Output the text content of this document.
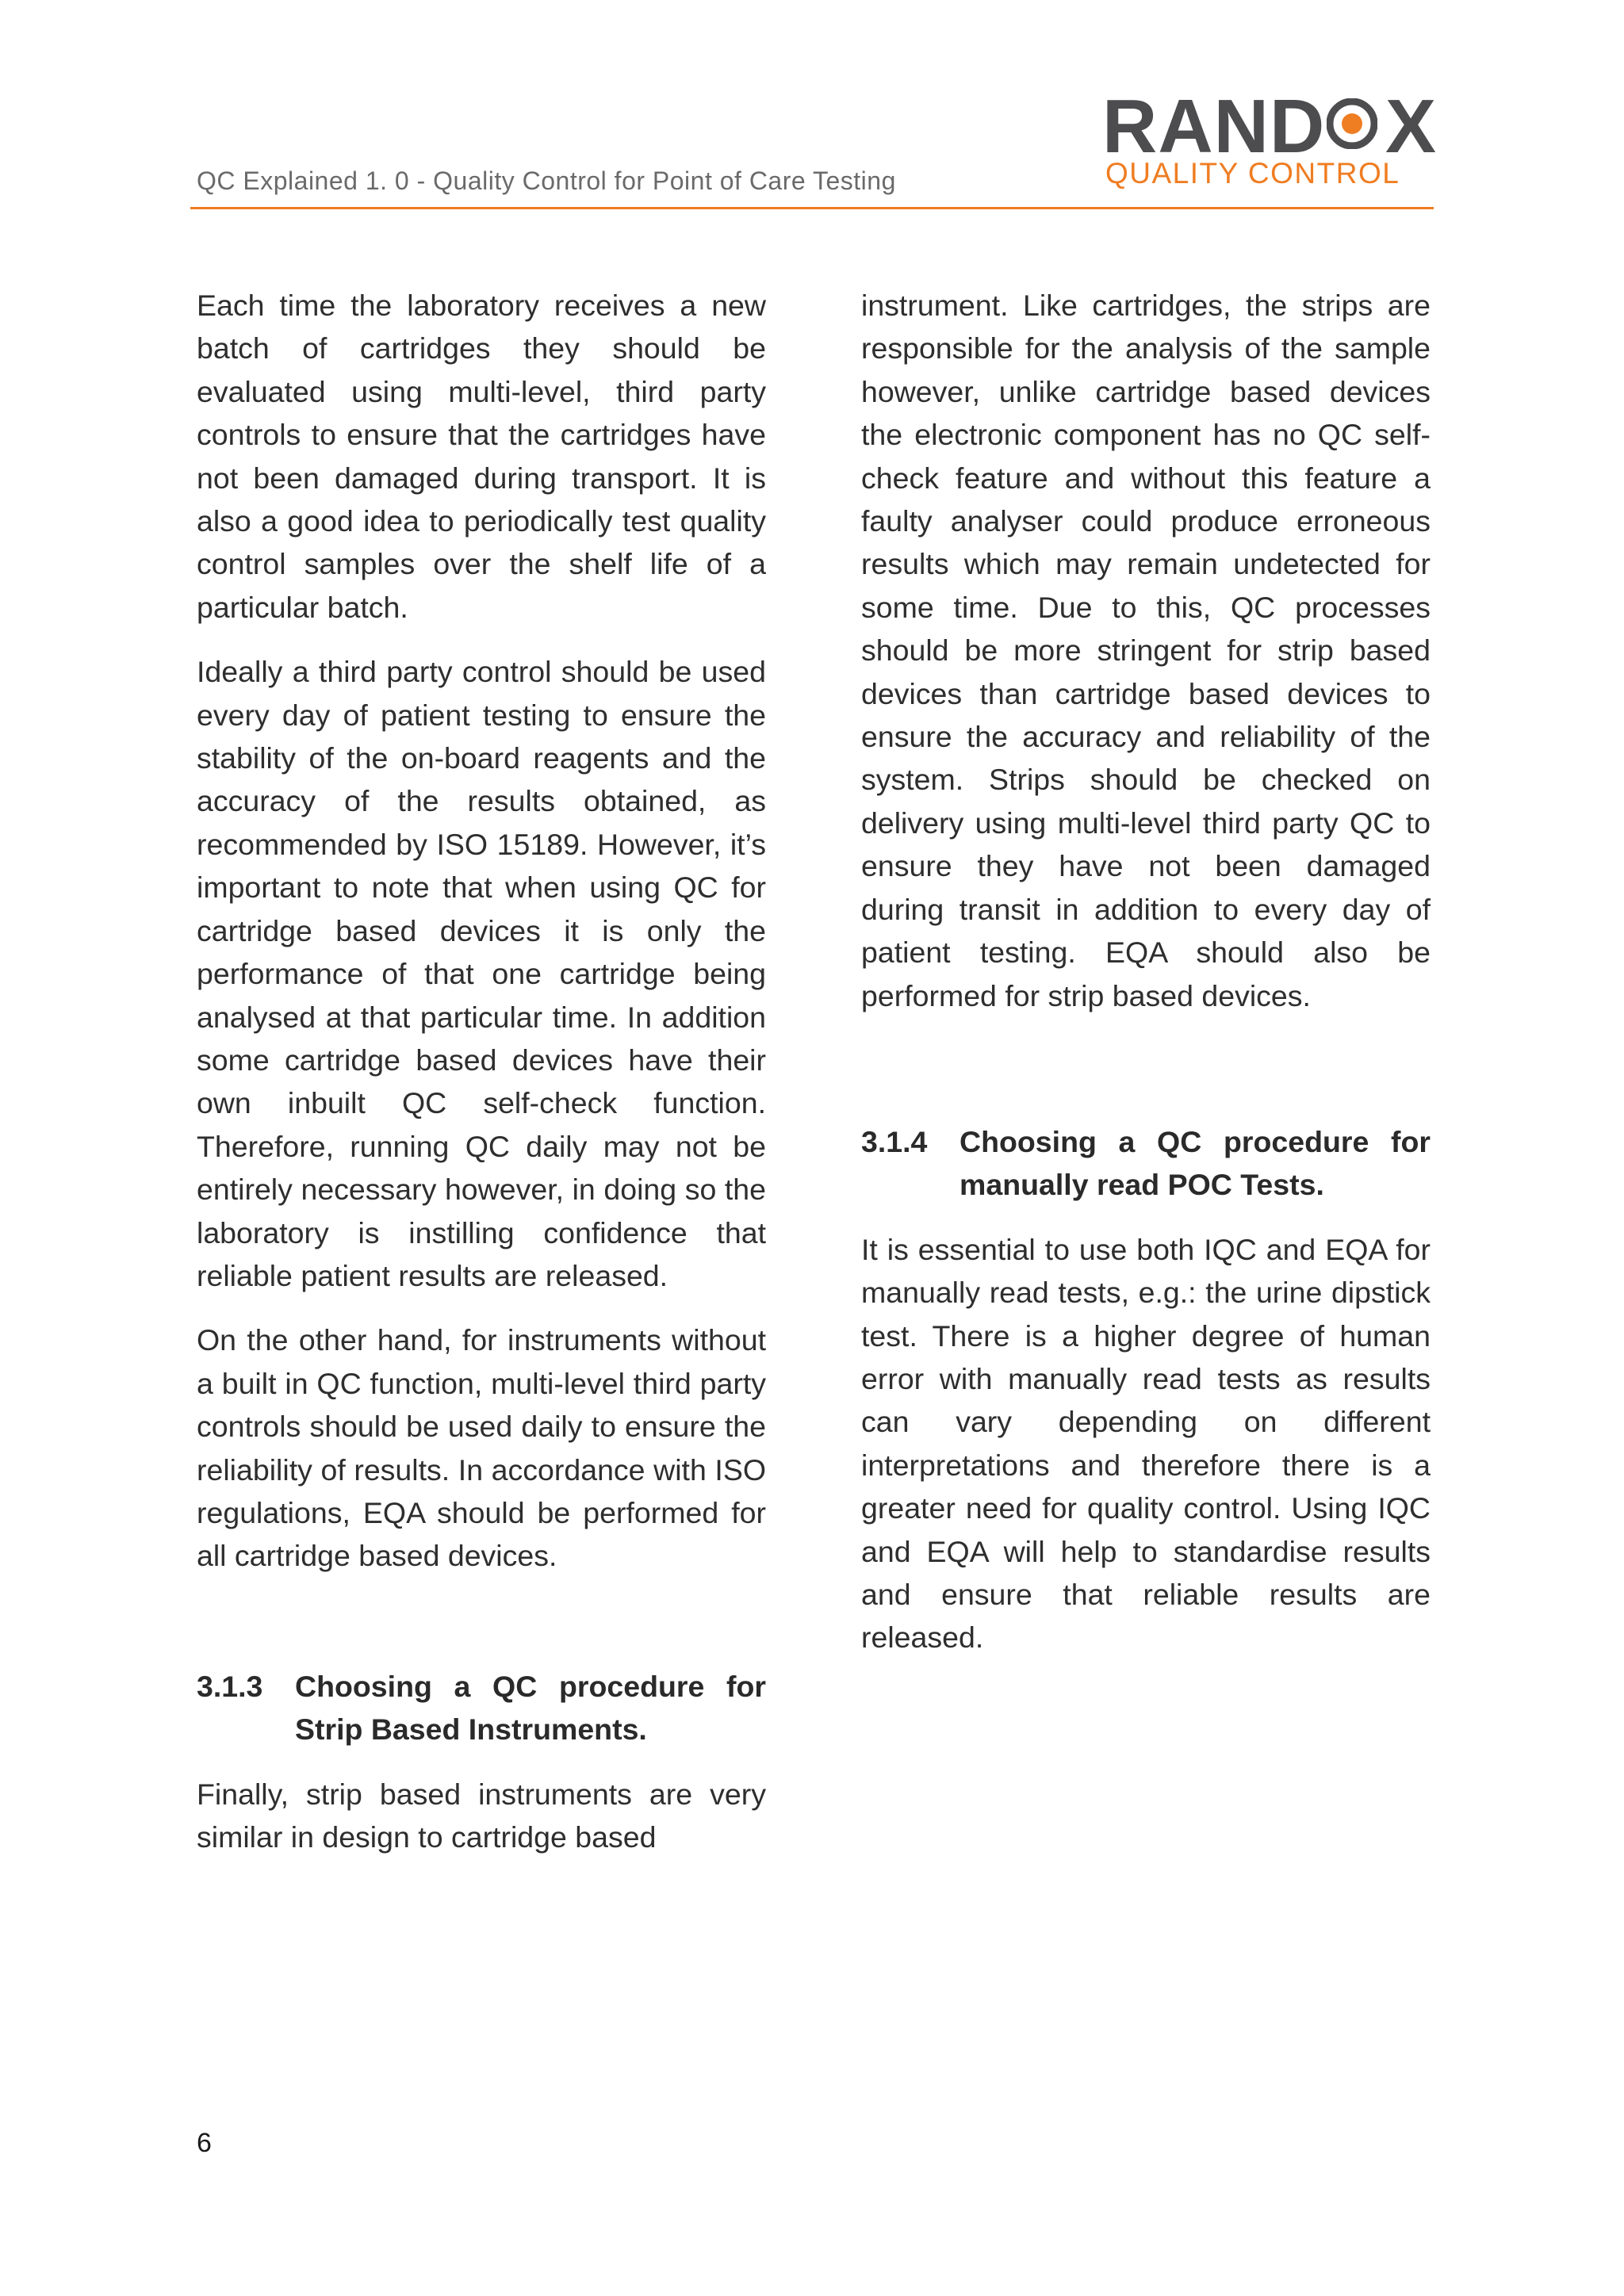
QC Explained 1. 0 - Quality Control for Point of Care Testing
RAND X
QUALITY CONTROL

Each time the laboratory receives a new batch of cartridges they should be evaluated using multi-level, third party controls to ensure that the cartridges have not been damaged during transport. It is also a good idea to periodically test quality control samples over the shelf life of a particular batch.

Ideally a third party control should be used every day of patient testing to ensure the stability of the on-board reagents and the accuracy of the results obtained, as recommended by ISO 15189. However, it’s important to note that when using QC for cartridge based devices it is only the performance of that one cartridge being analysed at that particular time. In addition some cartridge based devices have their own inbuilt QC self-check function. Therefore, running QC daily may not be entirely necessary however, in doing so the laboratory is instilling confidence that reliable patient results are released.

On the other hand, for instruments without a built in QC function, multi-level third party controls should be used daily to ensure the reliability of results. In accordance with ISO regulations, EQA should be performed for all cartridge based devices.

3.1.3 Choosing a QC procedure for Strip Based Instruments.

Finally, strip based instruments are very similar in design to cartridge based

instrument. Like cartridges, the strips are responsible for the analysis of the sample however, unlike cartridge based devices the electronic component has no QC self-check feature and without this feature a faulty analyser could produce erroneous results which may remain undetected for some time. Due to this, QC processes should be more stringent for strip based devices than cartridge based devices to ensure the accuracy and reliability of the system. Strips should be checked on delivery using multi-level third party QC to ensure they have not been damaged during transit in addition to every day of patient testing. EQA should also be performed for strip based devices.

3.1.4 Choosing a QC procedure for manually read POC Tests.

It is essential to use both IQC and EQA for manually read tests, e.g.: the urine dipstick test. There is a higher degree of human error with manually read tests as results can vary depending on different interpretations and therefore there is a greater need for quality control. Using IQC and EQA will help to standardise results and ensure that reliable results are released.

6
